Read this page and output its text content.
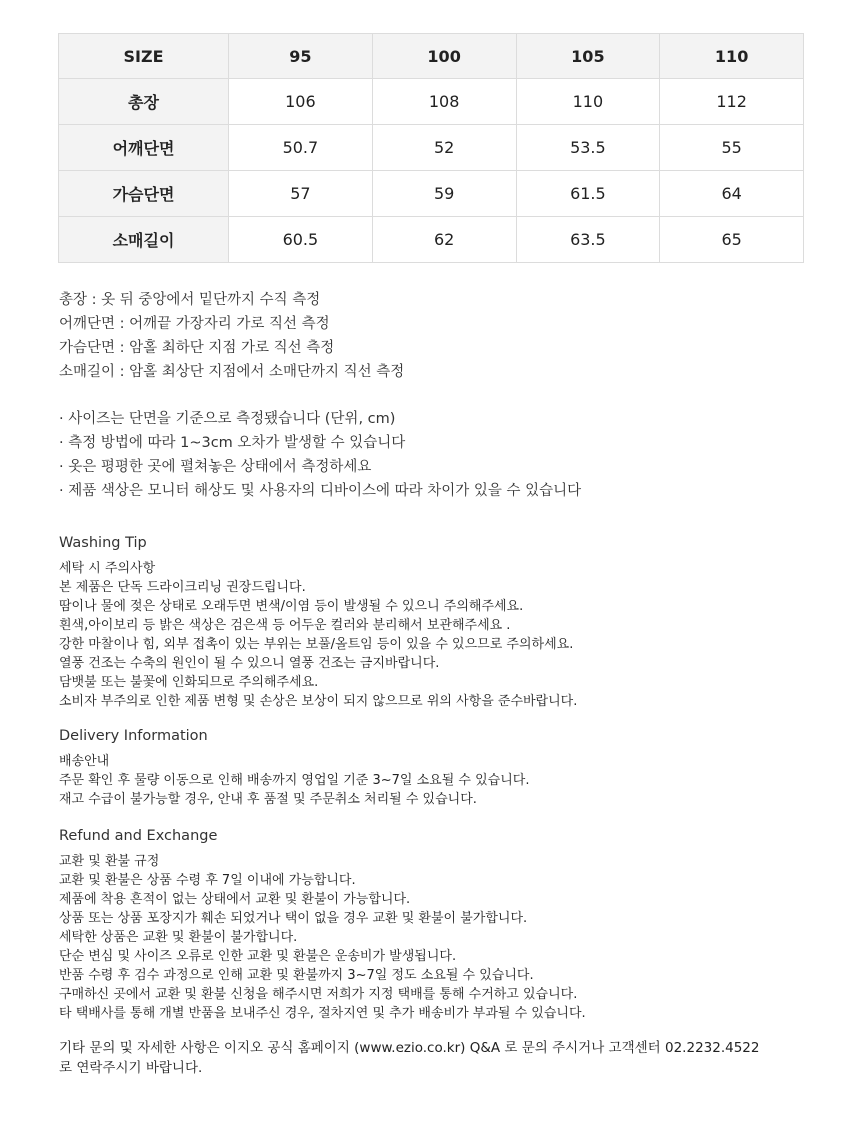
SIZE	95	100	105	110
총장	106	108	110	112
어깨단면	50.7	52	53.5	55
가슴단면	57	59	61.5	64
소매길이	60.5	62	63.5	65
총장 : 옷 뒤 중앙에서 밑단까지 수직 측정
어깨단면 : 어깨끝 가장자리 가로 직선 측정
가슴단면 : 암홀 최하단 지점 가로 직선 측정
소매길이 : 암홀 최상단 지점에서 소매단까지 직선 측정
· 사이즈는 단면을 기준으로 측정됐습니다 (단위, cm)
· 측정 방법에 따라 1~3cm 오차가 발생할 수 있습니다
· 옷은 평평한 곳에 펼쳐놓은 상태에서 측정하세요
· 제품 색상은 모니터 해상도 및 사용자의 디바이스에 따라 차이가 있을 수 있습니다
Washing Tip
세탁 시 주의사항
본 제품은 단독 드라이크리닝 권장드립니다.
땀이나 물에 젖은 상태로 오래두면 변색/이염 등이 발생될 수 있으니 주의해주세요.
흰색,아이보리 등 밝은 색상은 검은색 등 어두운 컬러와 분리해서 보관해주세요 .
강한 마찰이나 힘, 외부 접촉이 있는 부위는 보풀/올트임 등이 있을 수 있으므로 주의하세요.
열풍 건조는 수축의 원인이 될 수 있으니 열풍 건조는 금지바랍니다.
담뱃불 또는 불꽃에 인화되므로 주의해주세요.
소비자 부주의로 인한 제품 변형 및 손상은 보상이 되지 않으므로 위의 사항을 준수바랍니다.
Delivery Information
배송안내
주문 확인 후 물량 이동으로 인해 배송까지 영업일 기준 3~7일 소요될 수 있습니다.
재고 수급이 불가능할 경우, 안내 후 품절 및 주문취소 처리될 수 있습니다.
Refund and Exchange
교환 및 환불 규정
교환 및 환불은 상품 수령 후 7일 이내에 가능합니다.
제품에 착용 흔적이 없는 상태에서 교환 및 환불이 가능합니다.
상품 또는 상품 포장지가 훼손 되었거나 택이 없을 경우 교환 및 환불이 불가합니다.
세탁한 상품은 교환 및 환불이 불가합니다.
단순 변심 및 사이즈 오류로 인한 교환 및 환불은 운송비가 발생됩니다.
반품 수령 후 검수 과정으로 인해 교환 및 환불까지 3~7일 정도 소요될 수 있습니다.
구매하신 곳에서 교환 및 환불 신청을 해주시면 저희가 지정 택배를 통해 수거하고 있습니다.
타 택배사를 통해 개별 반품을 보내주신 경우, 절차지연 및 추가 배송비가 부과될 수 있습니다.
기타 문의 및 자세한 사항은 이지오 공식 홈페이지 (www.ezio.co.kr) Q&A 로 문의 주시거나 고객센터 02.2232.4522
로 연락주시기 바랍니다.
